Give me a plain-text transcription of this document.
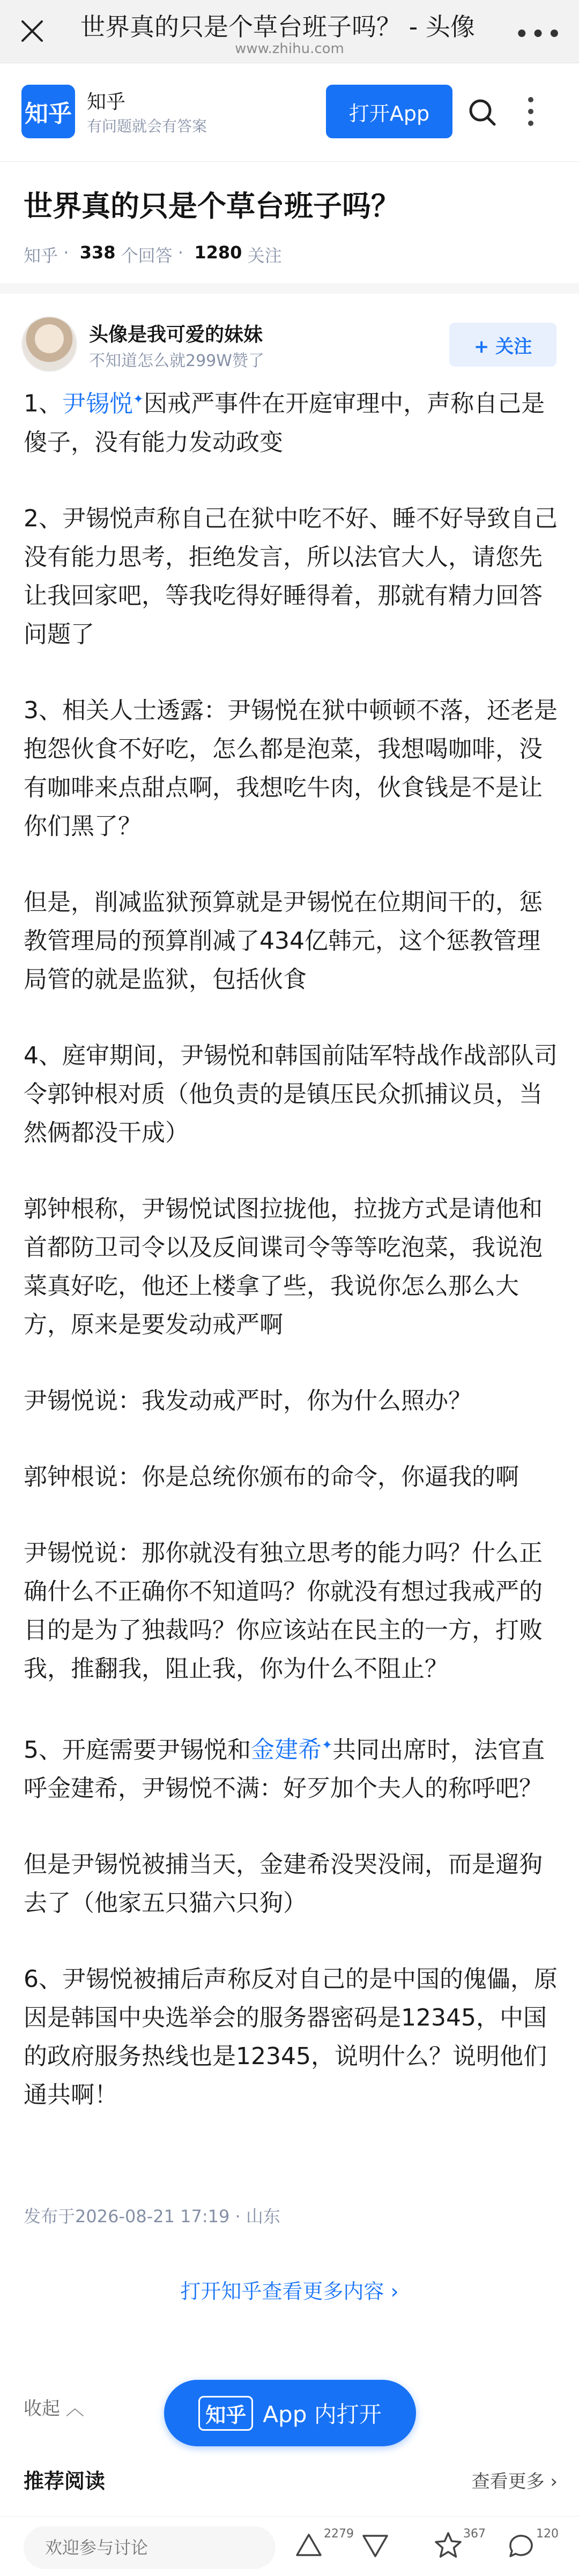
世界真的只是个草台班子吗？ - 头像
www.zhihu.com	•••
知乎 知乎
有问题就会有答案
打开App
世界真的只是个草台班子吗？
知乎 · 338
个回答 · 1280
关注
头像是我可爱的妹妹
不知道怎么就299W赞了
+ 关注

1、尹锡悦✦因戒严事件在开庭审理中，声称自己是傻子，没有能力发动政变

2、尹锡悦声称自己在狱中吃不好、睡不好导致自己没有能力思考，拒绝发言，所以法官大人，请您先让我回家吧，等我吃得好睡得着，那就有精力回答问题了

3、相关人士透露：尹锡悦在狱中顿顿不落，还老是抱怨伙食不好吃，怎么都是泡菜，我想喝咖啡，没有咖啡来点甜点啊，我想吃牛肉，伙食钱是不是让你们黑了？

但是，削减监狱预算就是尹锡悦在位期间干的，惩教管理局的预算削减了434亿韩元，这个惩教管理局管的就是监狱，包括伙食

4、庭审期间，尹锡悦和韩国前陆军特战作战部队司令郭钟根对质（他负责的是镇压民众抓捕议员，当然俩都没干成）

郭钟根称，尹锡悦试图拉拢他，拉拢方式是请他和首都防卫司令以及反间谍司令等等吃泡菜，我说泡菜真好吃，他还上楼拿了些，我说你怎么那么大方，原来是要发动戒严啊

尹锡悦说：我发动戒严时，你为什么照办？

郭钟根说：你是总统你颁布的命令，你逼我的啊

尹锡悦说：那你就没有独立思考的能力吗？什么正确什么不正确你不知道吗？你就没有想过我戒严的目的是为了独裁吗？你应该站在民主的一方，打败我，推翻我，阻止我，你为什么不阻止？

5、开庭需要尹锡悦和金建希✦共同出席时，法官直呼金建希，尹锡悦不满：好歹加个夫人的称呼吧？

但是尹锡悦被捕当天，金建希没哭没闹，而是遛狗去了（他家五只猫六只狗）

6、尹锡悦被捕后声称反对自己的是中国的傀儡，原因是韩国中央选举会的服务器密码是12345，中国的政府服务热线也是12345，说明什么？说明他们通共啊！

发布于2026-08-21 17:19 · 山东
打开知乎查看更多内容 ›
收起 ︿	知乎 App 内打开
推荐阅读	查看更多 ›
欢迎参与讨论
2279	367	120
